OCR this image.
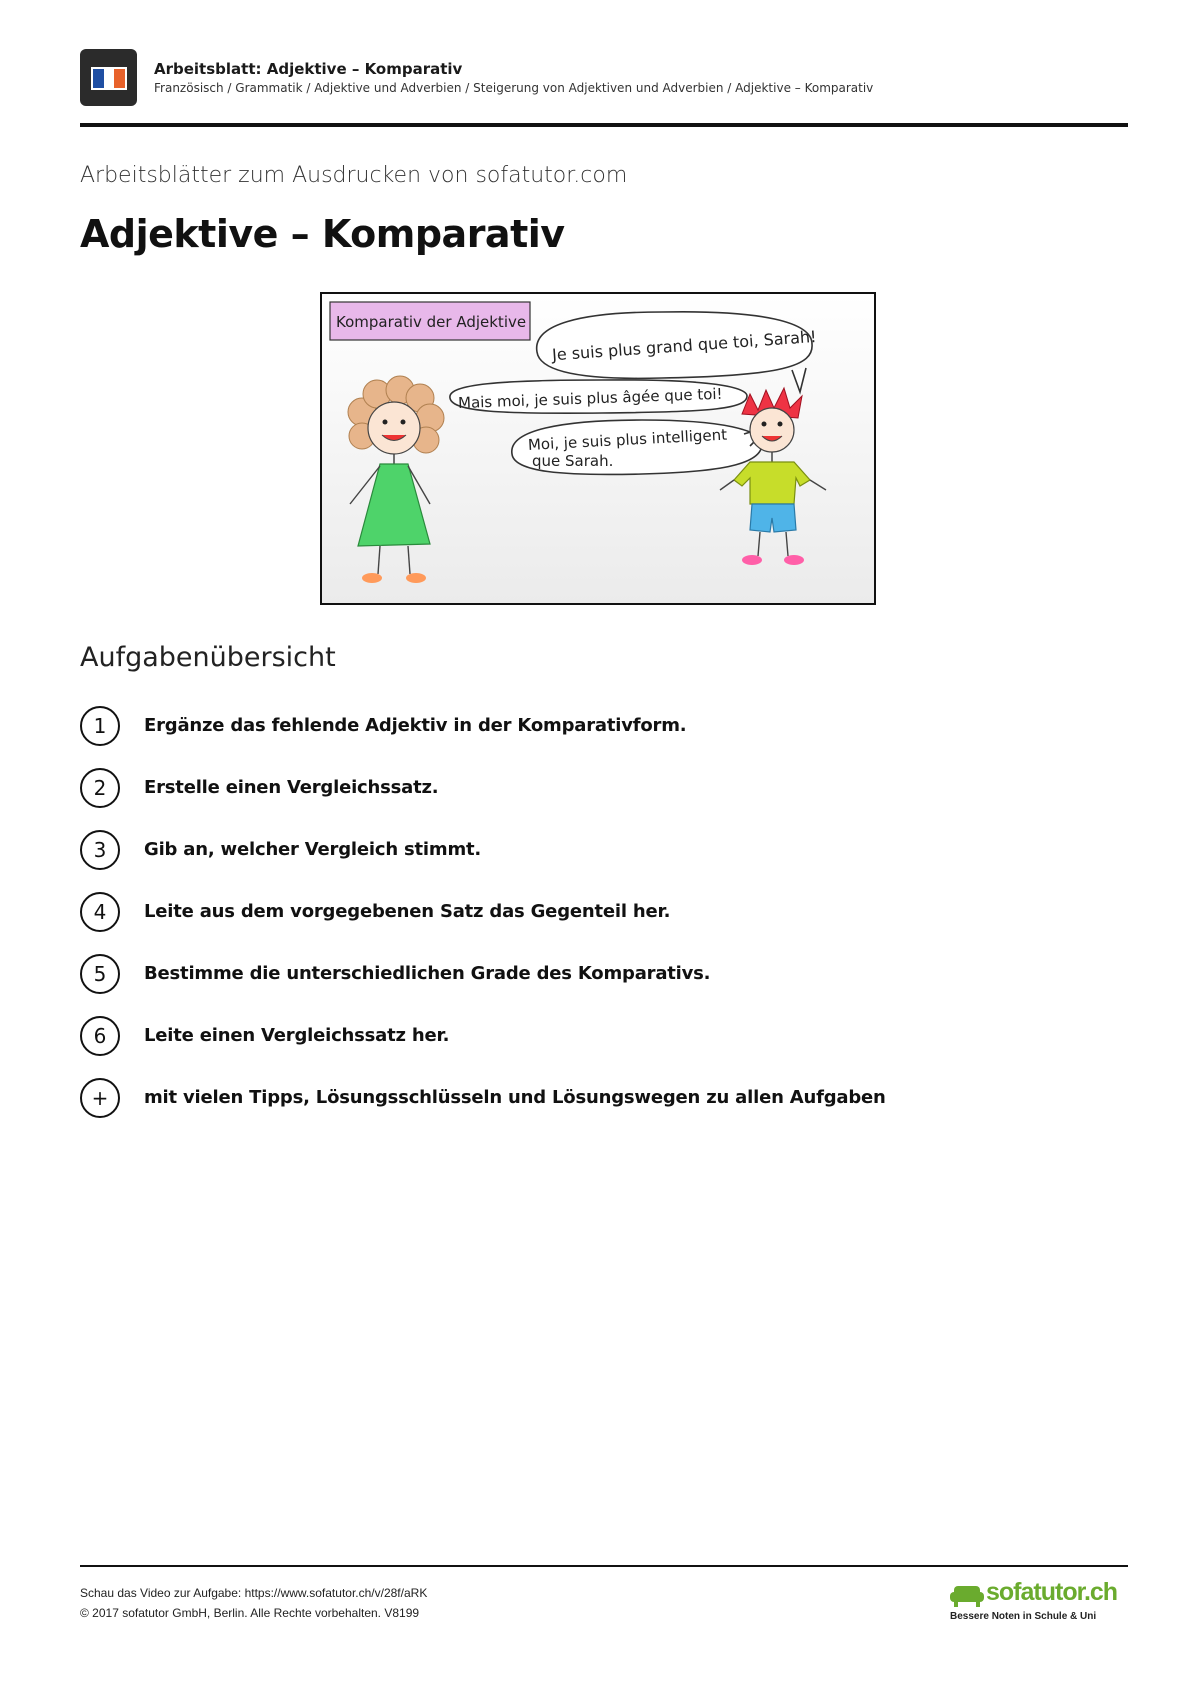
Arbeitsblatt: Adjektive – Komparativ
Französisch / Grammatik / Adjektive und Adverbien / Steigerung von Adjektiven und Adverbien / Adjektive – Komparativ
Arbeitsblätter zum Ausdrucken von sofatutor.com
Adjektive – Komparativ
Komparativ der Adjektive
Je suis plus grand que toi, Sarah!
Mais moi, je suis plus âgée que toi!
Moi, je suis plus intelligent
que Sarah.
Aufgabenübersicht
1	Ergänze das fehlende Adjektiv in der Komparativform.
2	Erstelle einen Vergleichssatz.
3	Gib an, welcher Vergleich stimmt.
4	Leite aus dem vorgegebenen Satz das Gegenteil her.
5	Bestimme die unterschiedlichen Grade des Komparativs.
6	Leite einen Vergleichssatz her.
+	mit vielen Tipps, Lösungsschlüsseln und Lösungswegen zu allen Aufgaben
Schau das Video zur Aufgabe: https://www.sofatutor.ch/v/28f/aRK
© 2017 sofatutor GmbH, Berlin. Alle Rechte vorbehalten. V8199
sofatutor.ch
Bessere Noten in Schule & Uni
